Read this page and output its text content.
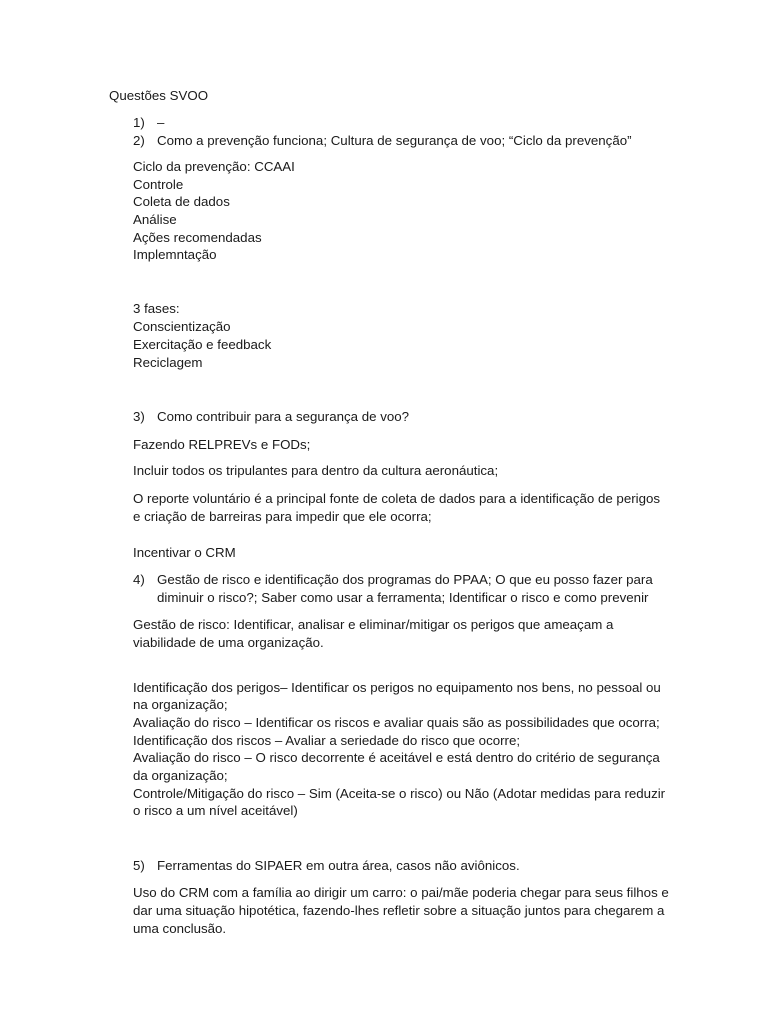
Questões SVOO

1) –
2) Como a prevenção funciona; Cultura de segurança de voo; “Ciclo da prevenção”

Ciclo da prevenção: CCAAI

Controle

Coleta de dados

Análise

Ações recomendadas

Implemntação

3 fases:

Conscientização

Exercitação e feedback

Reciclagem

3) Como contribuir para a segurança de voo?

Fazendo RELPREVs e FODs;

Incluir todos os tripulantes para dentro da cultura aeronáutica;

O reporte voluntário é a principal fonte de coleta de dados para a identificação de perigos

e criação de barreiras para impedir que ele ocorra;

Incentivar o CRM

4) Gestão de risco e identificação dos programas do PPAA; O que eu posso fazer para
diminuir o risco?; Saber como usar a ferramenta; Identificar o risco e como prevenir

Gestão de risco: Identificar, analisar e eliminar/mitigar os perigos que ameaçam a

viabilidade de uma organização.

Identificação dos perigos– Identificar os perigos no equipamento nos bens, no pessoal ou

na organização;

Avaliação do risco – Identificar os riscos e avaliar quais são as possibilidades que ocorra;

Identificação dos riscos – Avaliar a seriedade do risco que ocorre;

Avaliação do risco – O risco decorrente é aceitável e está dentro do critério de segurança

da organização;

Controle/Mitigação do risco – Sim (Aceita-se o risco) ou Não (Adotar medidas para reduzir

o risco a um nível aceitável)

5) Ferramentas do SIPAER em outra área, casos não aviônicos.

Uso do CRM com a família ao dirigir um carro: o pai/mãe poderia chegar para seus filhos e

dar uma situação hipotética, fazendo-lhes refletir sobre a situação juntos para chegarem a

uma conclusão.
